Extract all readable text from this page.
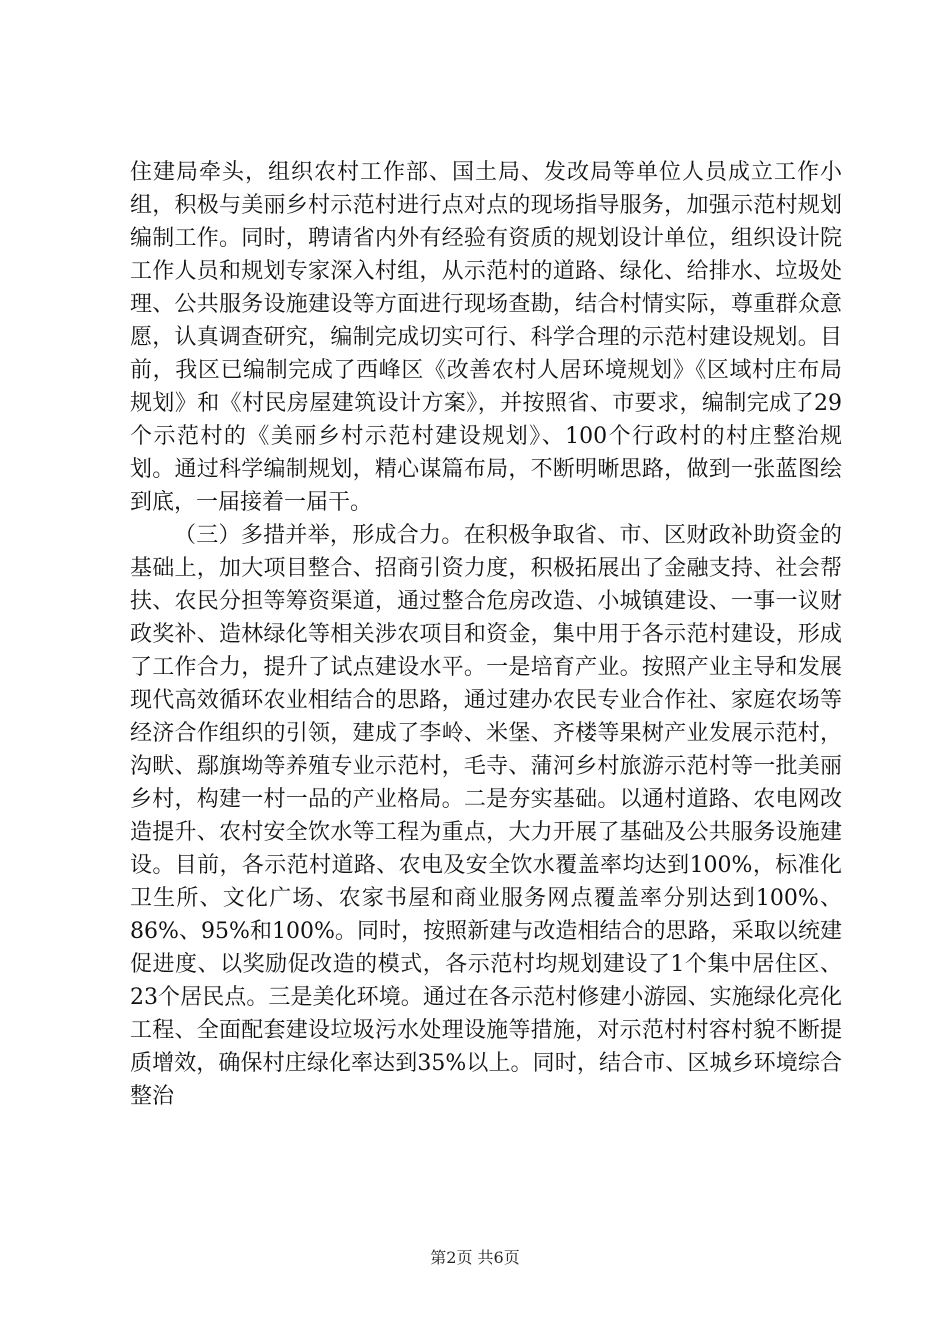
住建局牵头，组织农村工作部、国土局、发改局等单位人员成立工作小组，积极与美丽乡村示范村进行点对点的现场指导服务，加强示范村规划编制工作。同时，聘请省内外有经验有资质的规划设计单位，组织设计院工作人员和规划专家深入村组，从示范村的道路、绿化、给排水、垃圾处理、公共服务设施建设等方面进行现场查勘，结合村情实际，尊重群众意愿，认真调查研究，编制完成切实可行、科学合理的示范村建设规划。目前，我区已编制完成了西峰区《改善农村人居环境规划》《区域村庄布局规划》和《村民房屋建筑设计方案》，并按照省、市要求，编制完成了29个示范村的《美丽乡村示范村建设规划》、100个行政村的村庄整治规划。通过科学编制规划，精心谋篇布局，不断明晰思路，做到一张蓝图绘到底，一届接着一届干。

（三）多措并举，形成合力。在积极争取省、市、区财政补助资金的基础上，加大项目整合、招商引资力度，积极拓展出了金融支持、社会帮扶、农民分担等筹资渠道，通过整合危房改造、小城镇建设、一事一议财政奖补、造林绿化等相关涉农项目和资金，集中用于各示范村建设，形成了工作合力，提升了试点建设水平。一是培育产业。按照产业主导和发展现代高效循环农业相结合的思路，通过建办农民专业合作社、家庭农场等经济合作组织的引领，建成了李岭、米堡、齐楼等果树产业发展示范村，沟畎、鄢旗坳等养殖专业示范村，毛寺、蒲河乡村旅游示范村等一批美丽乡村，构建一村一品的产业格局。二是夯实基础。以通村道路、农电网改造提升、农村安全饮水等工程为重点，大力开展了基础及公共服务设施建设。目前，各示范村道路、农电及安全饮水覆盖率均达到100%，标准化卫生所、文化广场、农家书屋和商业服务网点覆盖率分别达到100%、86%、95%和100%。同时，按照新建与改造相结合的思路，采取以统建促进度、以奖励促改造的模式，各示范村均规划建设了1个集中居住区、23个居民点。三是美化环境。通过在各示范村修建小游园、实施绿化亮化工程、全面配套建设垃圾污水处理设施等措施，对示范村村容村貌不断提质增效，确保村庄绿化率达到35%以上。同时，结合市、区城乡环境综合整治

第2页 共6页
